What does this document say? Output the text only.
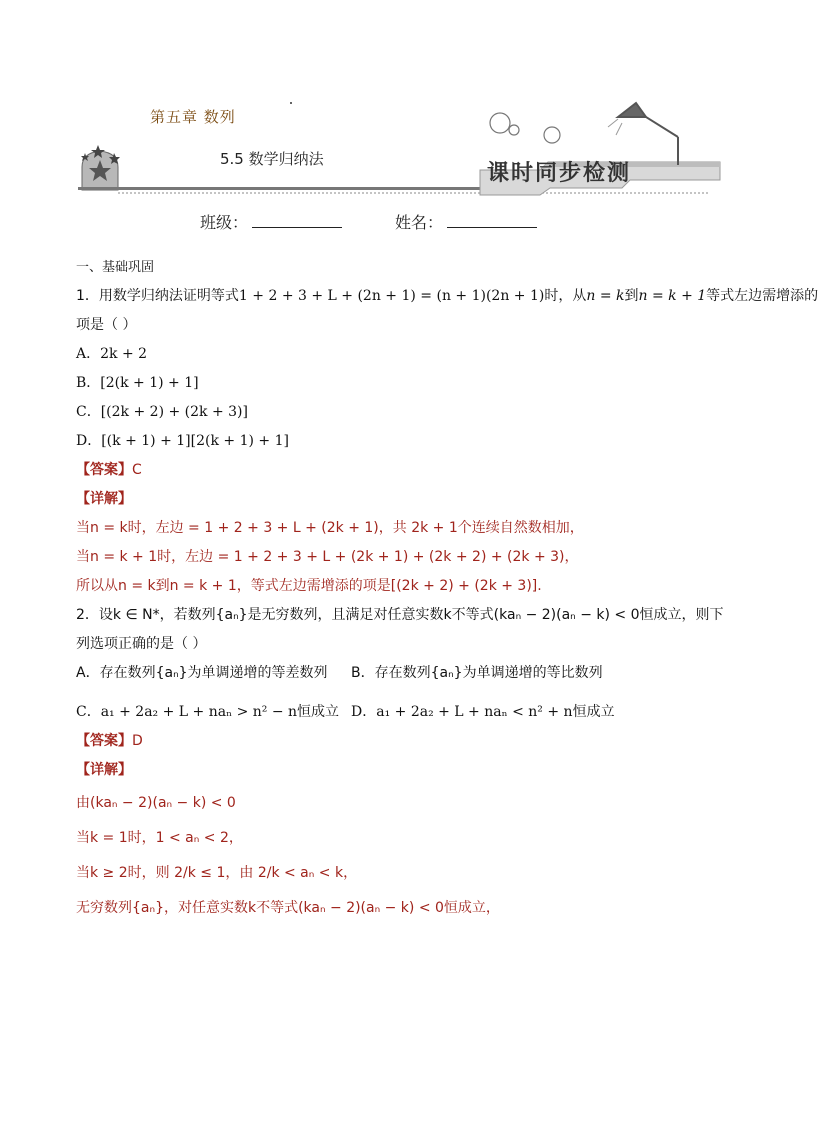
第五章 数列
5.5 数学归纳法
课时同步检测
班级：	姓名：

一、基础巩固

1．用数学归纳法证明等式1 + 2 + 3 + L + (2n + 1) = (n + 1)(2n + 1)时，从n = k到n = k + 1等式左边需增添的

项是（ ）

A．2k + 2

B．[2(k + 1) + 1]

C．[(2k + 2) + (2k + 3)]

D．[(k + 1) + 1][2(k + 1) + 1]

【答案】C

【详解】

当n = k时，左边 = 1 + 2 + 3 + L + (2k + 1)，共 2k + 1个连续自然数相加，

当n = k + 1时，左边 = 1 + 2 + 3 + L + (2k + 1) + (2k + 2) + (2k + 3)，

所以从n = k到n = k + 1，等式左边需增添的项是[(2k + 2) + (2k + 3)].

2．设k ∈ N*，若数列{aₙ}是无穷数列，且满足对任意实数k不等式(kaₙ − 2)(aₙ − k) < 0恒成立，则下

列选项正确的是（ ）

A．存在数列{aₙ}为单调递增的等差数列	B．存在数列{aₙ}为单调递增的等比数列
C．a₁ + 2a₂ + L + naₙ > n² − n恒成立 D．a₁ + 2a₂ + L + naₙ < n² + n恒成立

【答案】D

【详解】

由(kaₙ − 2)(aₙ − k) < 0

当k = 1时，1 < aₙ < 2，

当k ≥ 2时，则 2/k ≤ 1，由 2/k < aₙ < k，

无穷数列{aₙ}，对任意实数k不等式(kaₙ − 2)(aₙ − k) < 0恒成立，
